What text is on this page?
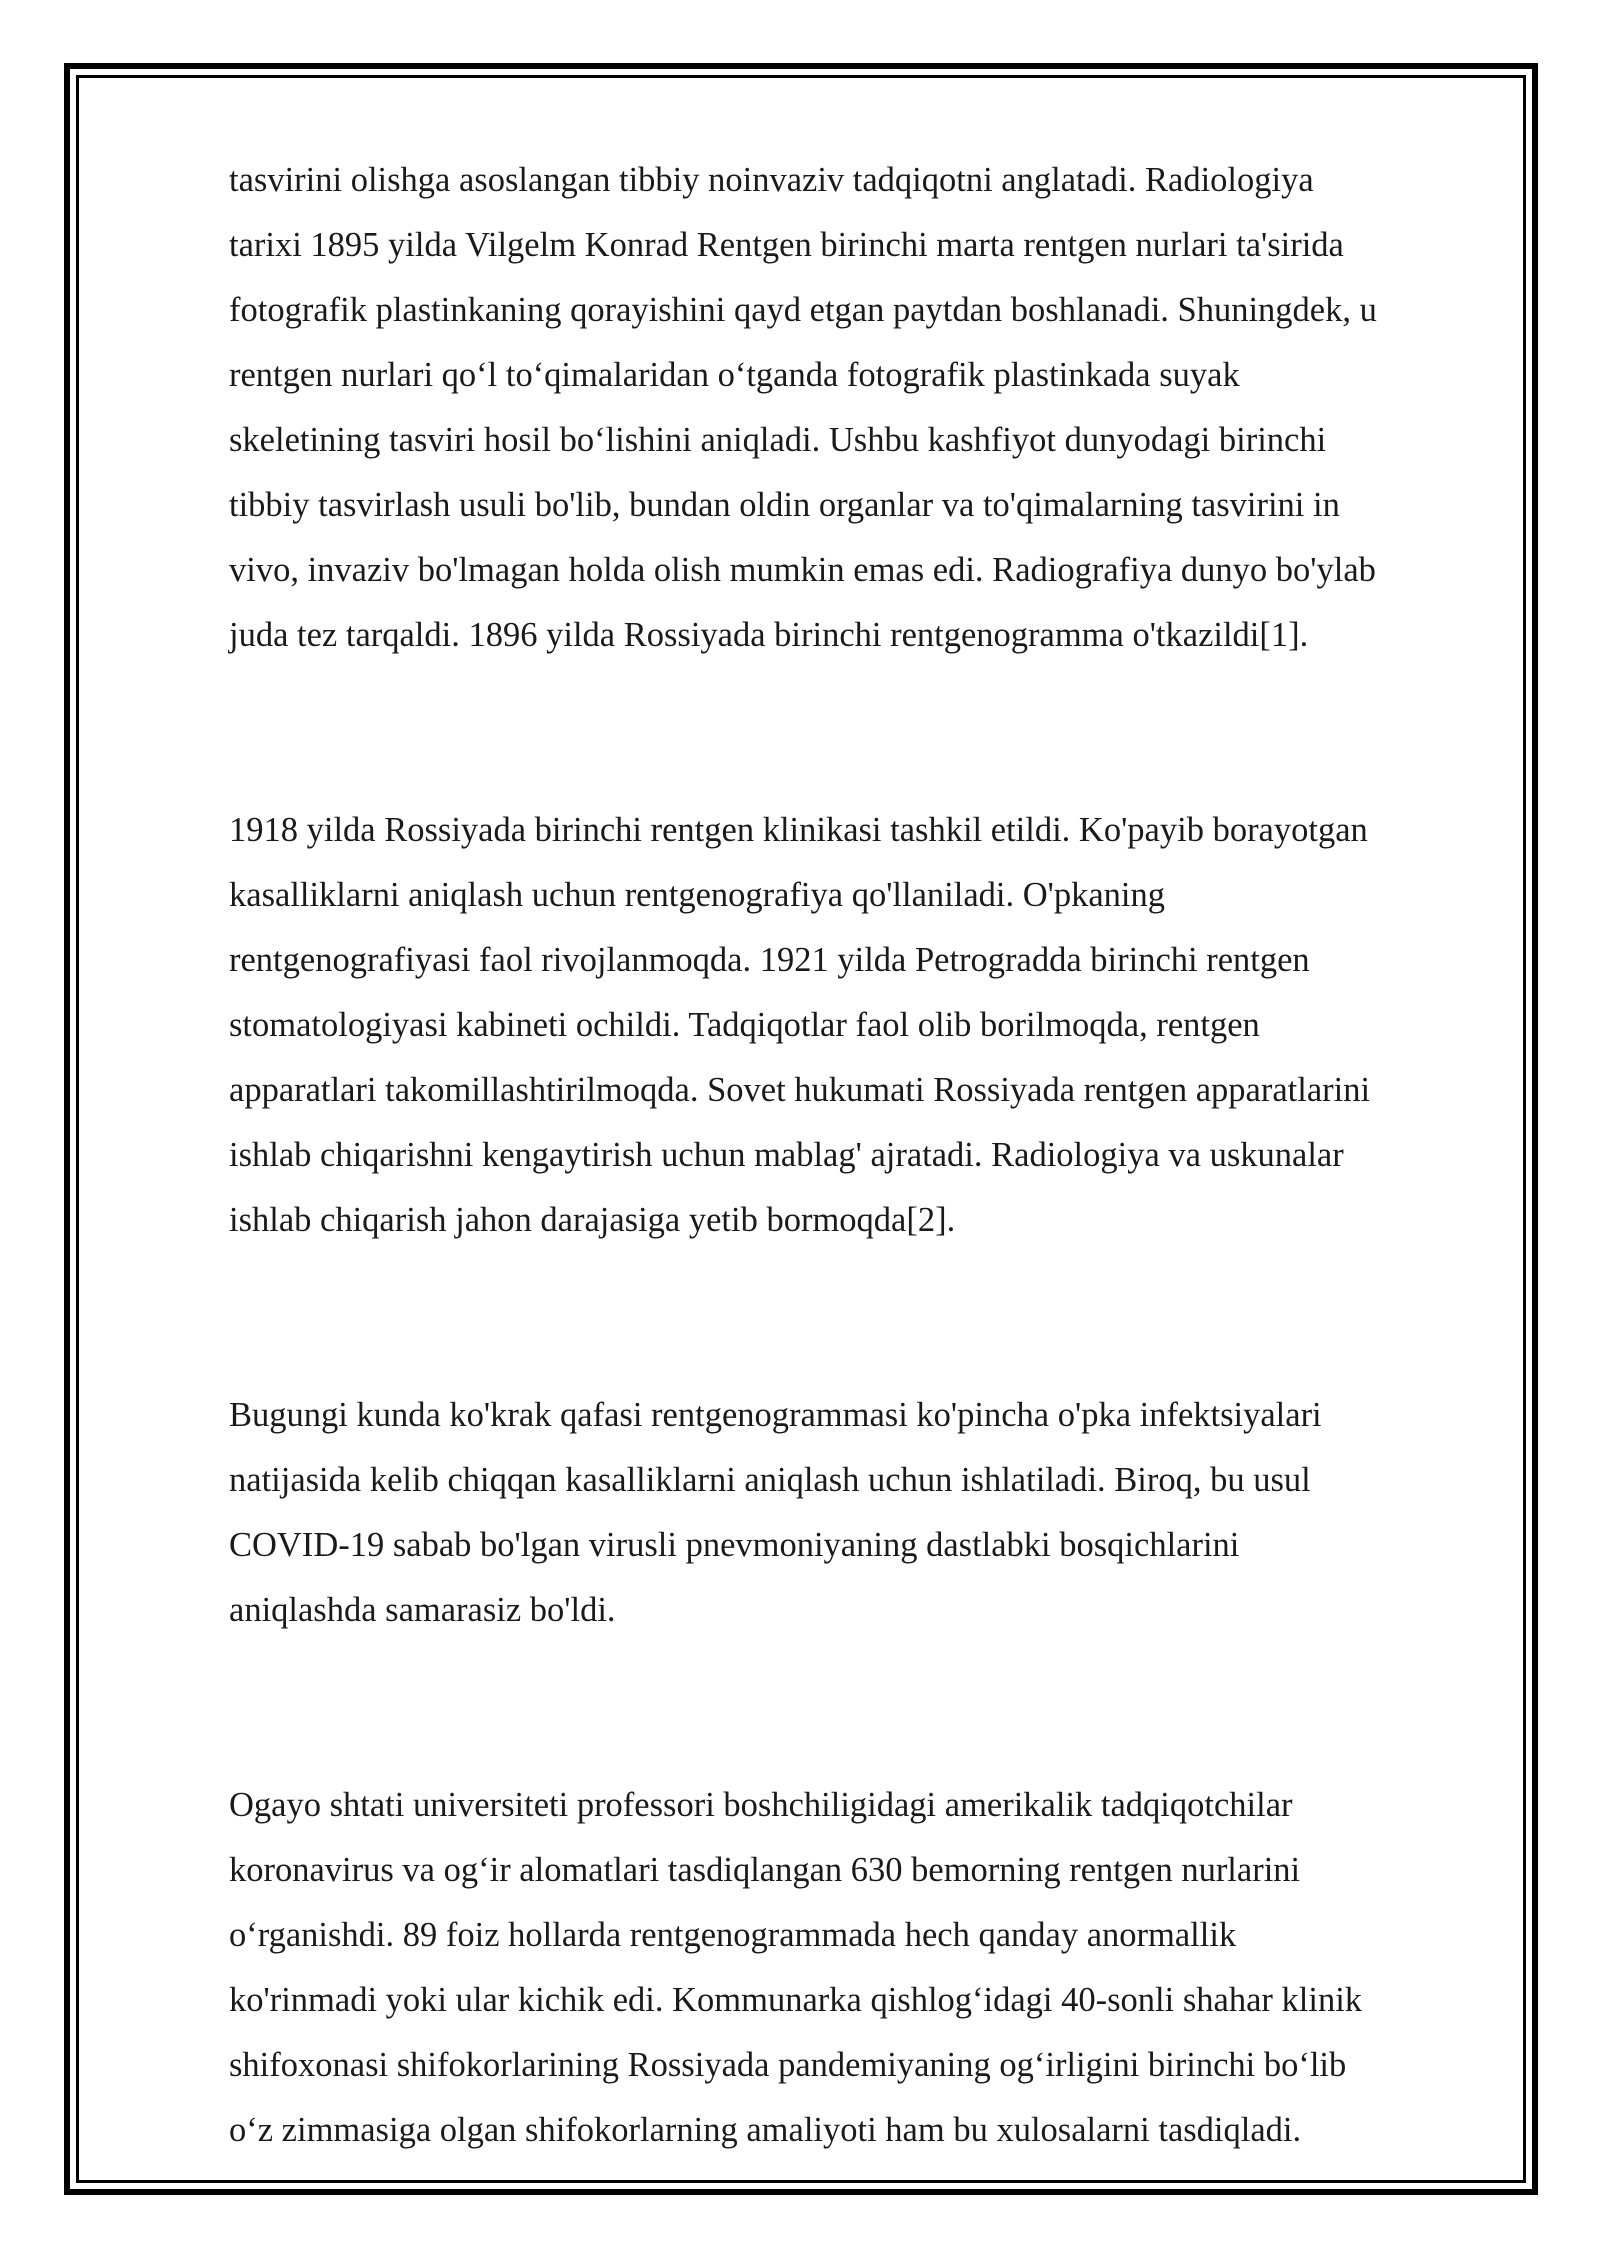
tasvirini olishga asoslangan tibbiy noinvaziv tadqiqotni anglatadi. Radiologiya
tarixi 1895 yilda Vilgelm Konrad Rentgen birinchi marta rentgen nurlari ta'sirida
fotografik plastinkaning qorayishini qayd etgan paytdan boshlanadi. Shuningdek, u
rentgen nurlari qoʻl toʻqimalaridan oʻtganda fotografik plastinkada suyak
skeletining tasviri hosil boʻlishini aniqladi. Ushbu kashfiyot dunyodagi birinchi
tibbiy tasvirlash usuli bo'lib, bundan oldin organlar va to'qimalarning tasvirini in
vivo, invaziv bo'lmagan holda olish mumkin emas edi. Radiografiya dunyo bo'ylab
juda tez tarqaldi. 1896 yilda Rossiyada birinchi rentgenogramma o'tkazildi[1].

1918 yilda Rossiyada birinchi rentgen klinikasi tashkil etildi. Ko'payib borayotgan
kasalliklarni aniqlash uchun rentgenografiya qo'llaniladi. O'pkaning
rentgenografiyasi faol rivojlanmoqda. 1921 yilda Petrogradda birinchi rentgen
stomatologiyasi kabineti ochildi. Tadqiqotlar faol olib borilmoqda, rentgen
apparatlari takomillashtirilmoqda. Sovet hukumati Rossiyada rentgen apparatlarini
ishlab chiqarishni kengaytirish uchun mablag' ajratadi. Radiologiya va uskunalar
ishlab chiqarish jahon darajasiga yetib bormoqda[2].

Bugungi kunda ko'krak qafasi rentgenogrammasi ko'pincha o'pka infektsiyalari
natijasida kelib chiqqan kasalliklarni aniqlash uchun ishlatiladi. Biroq, bu usul
COVID-19 sabab bo'lgan virusli pnevmoniyaning dastlabki bosqichlarini
aniqlashda samarasiz bo'ldi.

Ogayo shtati universiteti professori boshchiligidagi amerikalik tadqiqotchilar
koronavirus va ogʻir alomatlari tasdiqlangan 630 bemorning rentgen nurlarini
oʻrganishdi. 89 foiz hollarda rentgenogrammada hech qanday anormallik
ko'rinmadi yoki ular kichik edi. Kommunarka qishlogʻidagi 40-sonli shahar klinik
shifoxonasi shifokorlarining Rossiyada pandemiyaning ogʻirligini birinchi boʻlib
oʻz zimmasiga olgan shifokorlarning amaliyoti ham bu xulosalarni tasdiqladi.
